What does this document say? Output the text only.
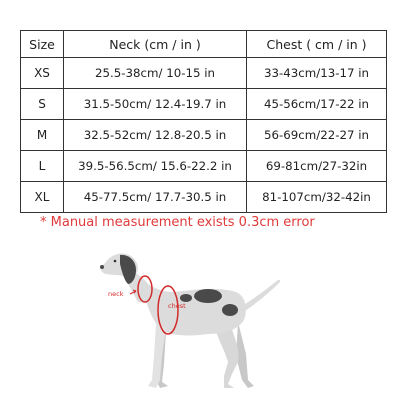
Size	Neck (cm / in )	Chest ( cm / in )
XS	25.5-38cm/ 10-15 in	33-43cm/13-17 in
S	31.5-50cm/ 12.4-19.7 in	45-56cm/17-22 in
M	32.5-52cm/ 12.8-20.5 in	56-69cm/22-27 in
L	39.5-56.5cm/ 15.6-22.2 in	69-81cm/27-32in
XL	45-77.5cm/ 17.7-30.5 in	81-107cm/32-42in
* Manual measurement exists 0.3cm error
neck
chest
